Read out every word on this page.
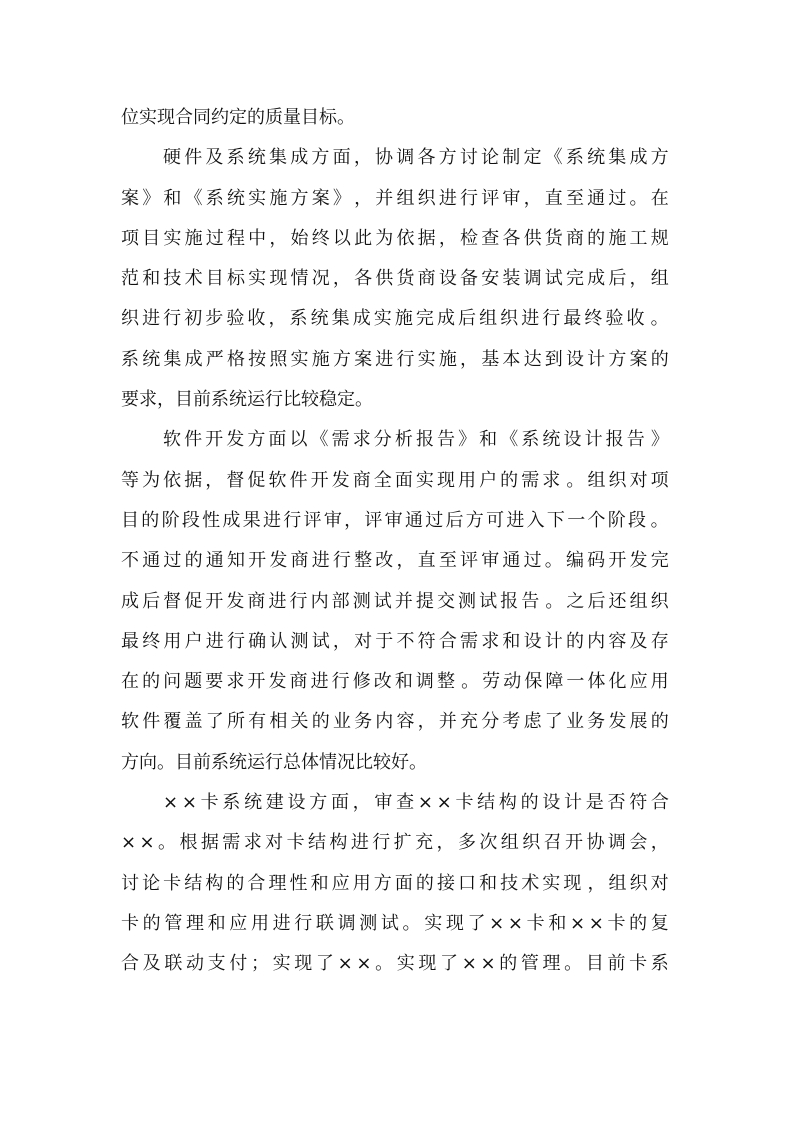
位实现合同约定的质量目标。
硬 件 及 系 统 集 成 方 面 ， 协 调 各 方 讨 论 制 定 《 系 统 集 成 方
案 》 和 《 系 统 实 施 方 案 》 ， 并 组 织 进 行 评 审 ， 直 至 通 过 。 在
项 目 实 施 过 程 中 ， 始 终 以 此 为 依 据 ， 检 查 各 供 货 商 的 施 工 规
范 和 技 术 目 标 实 现 情 况 ， 各 供 货 商 设 备 安 装 调 试 完 成 后 ， 组
织 进 行 初 步 验 收 ， 系 统 集 成 实 施 完 成 后 组 织 进 行 最 终 验 收 。
系 统 集 成 严 格 按 照 实 施 方 案 进 行 实 施 ， 基 本 达 到 设 计 方 案 的
要求，目前系统运行比较稳定。
软 件 开 发 方 面 以 《 需 求 分 析 报 告 》 和 《 系 统 设 计 报 告 》
等 为 依 据 ， 督 促 软 件 开 发 商 全 面 实 现 用 户 的 需 求 。 组 织 对 项
目 的 阶 段 性 成 果 进 行 评 审 ， 评 审 通 过 后 方 可 进 入 下 一 个 阶 段 。
不 通 过 的 通 知 开 发 商 进 行 整 改 ， 直 至 评 审 通 过 。 编 码 开 发 完
成 后 督 促 开 发 商 进 行 内 部 测 试 并 提 交 测 试 报 告 。 之 后 还 组 织
最 终 用 户 进 行 确 认 测 试 ， 对 于 不 符 合 需 求 和 设 计 的 内 容 及 存
在 的 问 题 要 求 开 发 商 进 行 修 改 和 调 整 。 劳 动 保 障 一 体 化 应 用
软 件 覆 盖 了 所 有 相 关 的 业 务 内 容 ， 并 充 分 考 虑 了 业 务 发 展 的
方向。目前系统运行总体情况比较好。
× × 卡 系 统 建 设 方 面 ， 审 查 × × 卡 结 构 的 设 计 是 否 符 合
× × 。 根 据 需 求 对 卡 结 构 进 行 扩 充 ， 多 次 组 织 召 开 协 调 会 ，
讨 论 卡 结 构 的 合 理 性 和 应 用 方 面 的 接 口 和 技 术 实 现 ， 组 织 对
卡 的 管 理 和 应 用 进 行 联 调 测 试 。 实 现 了 × × 卡 和 × × 卡 的 复
合 及 联 动 支 付 ； 实 现 了 × × 。 实 现 了 × × 的 管 理 。 目 前 卡 系
